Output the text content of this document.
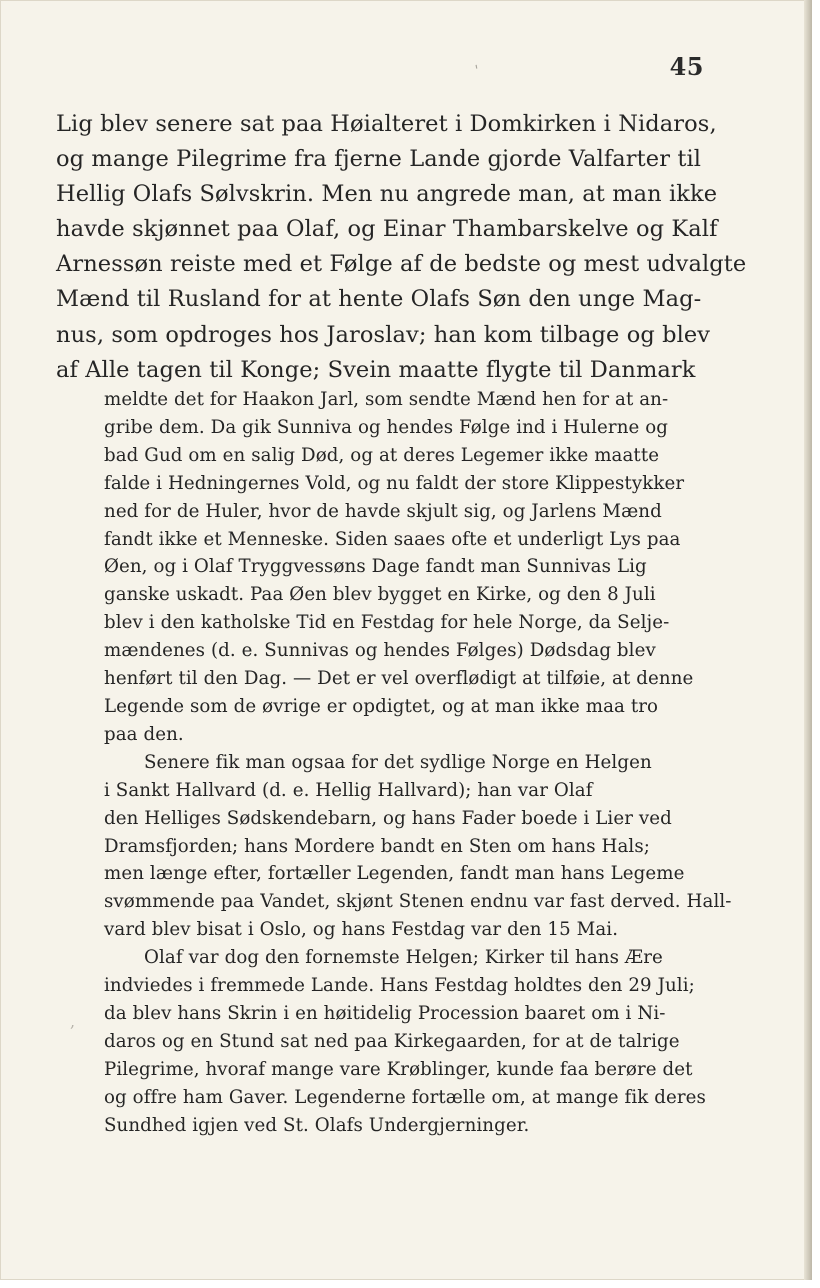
45
ˈ
,
Lig blev senere sat paa Høialteret i Domkirken i Nidaros,
og mange Pilegrime fra fjerne Lande gjorde Valfarter til
Hellig Olafs Sølvskrin. Men nu angrede man, at man ikke
havde skjønnet paa Olaf, og Einar Thambarskelve og Kalf
Arnessøn reiste med et Følge af de bedste og mest udvalgte
Mænd til Rusland for at hente Olafs Søn den unge Mag-
nus, som opdroges hos Jaroslav; han kom tilbage og blev
af Alle tagen til Konge; Svein maatte flygte til Danmark
meldte det for Haakon Jarl, som sendte Mænd hen for at an-
gribe dem. Da gik Sunniva og hendes Følge ind i Hulerne og
bad Gud om en salig Død, og at deres Legemer ikke maatte
falde i Hedningernes Vold, og nu faldt der store Klippestykker
ned for de Huler, hvor de havde skjult sig, og Jarlens Mænd
fandt ikke et Menneske. Siden saaes ofte et underligt Lys paa
Øen, og i Olaf Tryggvessøns Dage fandt man Sunnivas Lig
ganske uskadt. Paa Øen blev bygget en Kirke, og den 8 Juli
blev i den katholske Tid en Festdag for hele Norge, da Selje-
mændenes (d. e. Sunnivas og hendes Følges) Dødsdag blev
henført til den Dag. — Det er vel overflødigt at tilføie, at denne
Legende som de øvrige er opdigtet, og at man ikke maa tro
paa den.
Senere fik man ogsaa for det sydlige Norge en Helgen
i Sankt Hallvard (d. e. Hellig Hallvard); han var Olaf
den Helliges Sødskendebarn, og hans Fader boede i Lier ved
Dramsfjorden; hans Mordere bandt en Sten om hans Hals;
men længe efter, fortæller Legenden, fandt man hans Legeme
svømmende paa Vandet, skjønt Stenen endnu var fast derved. Hall-
vard blev bisat i Oslo, og hans Festdag var den 15 Mai.
Olaf var dog den fornemste Helgen; Kirker til hans Ære
indviedes i fremmede Lande. Hans Festdag holdtes den 29 Juli;
da blev hans Skrin i en høitidelig Procession baaret om i Ni-
daros og en Stund sat ned paa Kirkegaarden, for at de talrige
Pilegrime, hvoraf mange vare Krøblinger, kunde faa berøre det
og offre ham Gaver. Legenderne fortælle om, at mange fik deres
Sundhed igjen ved St. Olafs Undergjerninger.
